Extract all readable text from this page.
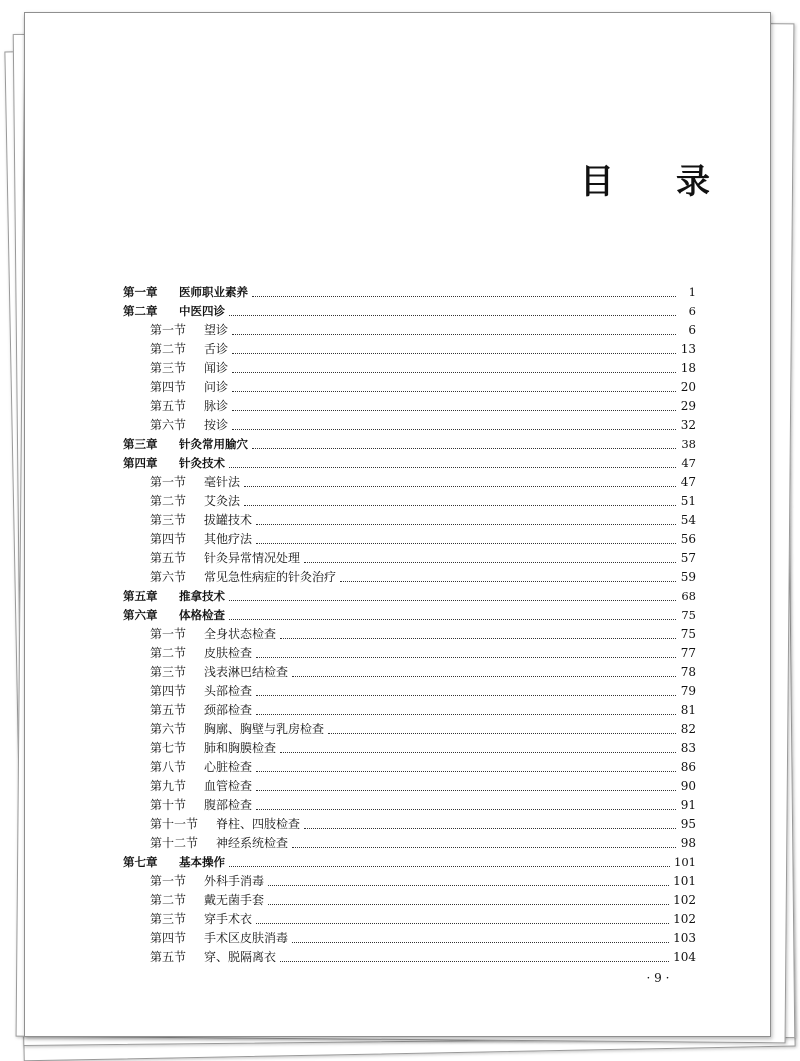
目 录
第一章	医师职业素养	1
第二章	中医四诊	6
第一节	望诊	6
第二节	舌诊	13
第三节	闻诊	18
第四节	问诊	20
第五节	脉诊	29
第六节	按诊	32
第三章	针灸常用腧穴	38
第四章	针灸技术	47
第一节	毫针法	47
第二节	艾灸法	51
第三节	拔罐技术	54
第四节	其他疗法	56
第五节	针灸异常情况处理	57
第六节	常见急性病症的针灸治疗	59
第五章	推拿技术	68
第六章	体格检查	75
第一节	全身状态检查	75
第二节	皮肤检查	77
第三节	浅表淋巴结检查	78
第四节	头部检查	79
第五节	颈部检查	81
第六节	胸廓、胸壁与乳房检查	82
第七节	肺和胸膜检查	83
第八节	心脏检查	86
第九节	血管检查	90
第十节	腹部检查	91
第十一节	脊柱、四肢检查	95
第十二节	神经系统检查	98
第七章	基本操作	101
第一节	外科手消毒	101
第二节	戴无菌手套	102
第三节	穿手术衣	102
第四节	手术区皮肤消毒	103
第五节	穿、脱隔离衣	104
· 9 ·
